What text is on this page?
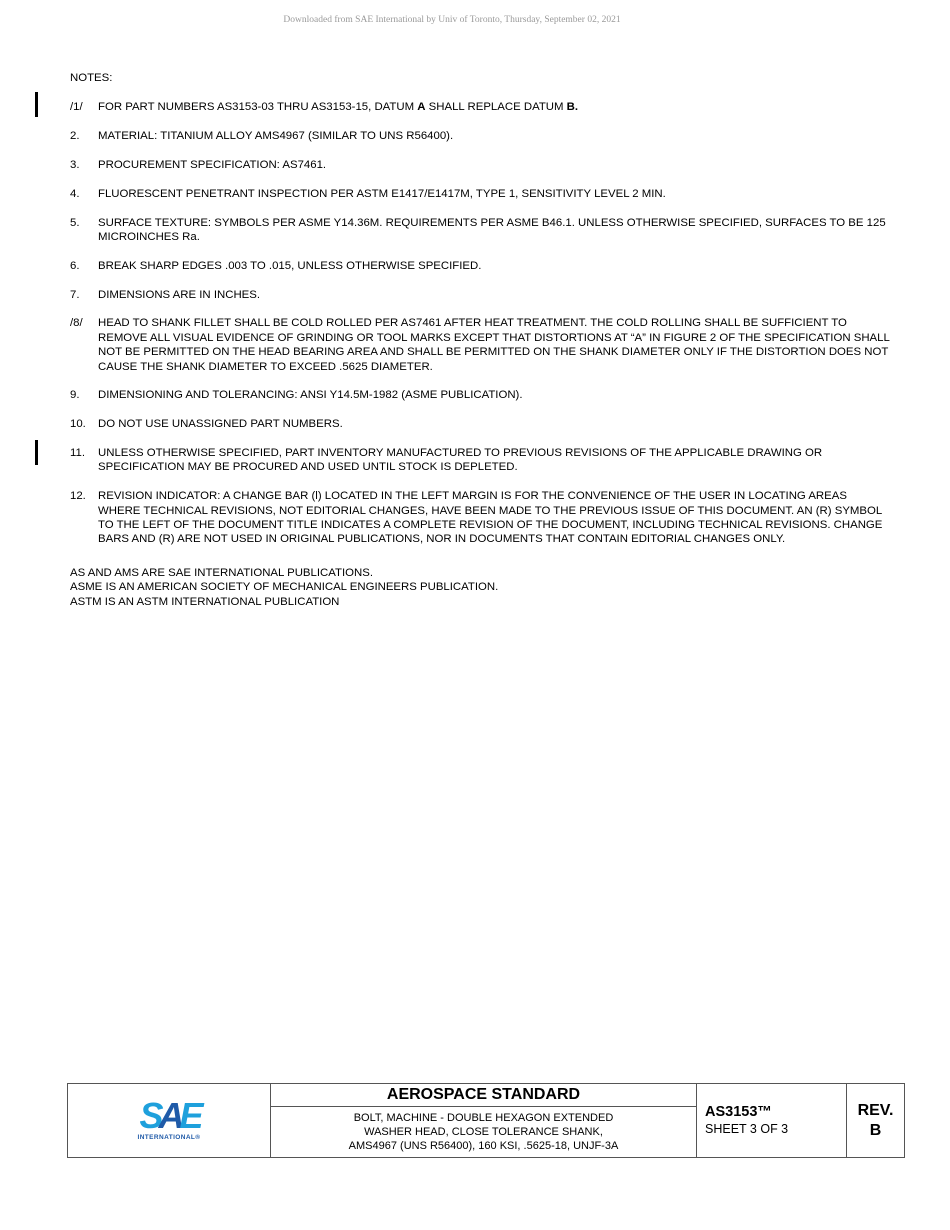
Downloaded from SAE International by Univ of Toronto, Thursday, September 02, 2021
NOTES:
/1/	FOR PART NUMBERS AS3153-03 THRU AS3153-15, DATUM A SHALL REPLACE DATUM B.
2.	MATERIAL: TITANIUM ALLOY AMS4967 (SIMILAR TO UNS R56400).
3.	PROCUREMENT SPECIFICATION: AS7461.
4.	FLUORESCENT PENETRANT INSPECTION PER ASTM E1417/E1417M, TYPE 1, SENSITIVITY LEVEL 2 MIN.
5.	SURFACE TEXTURE: SYMBOLS PER ASME Y14.36M. REQUIREMENTS PER ASME B46.1. UNLESS OTHERWISE SPECIFIED, SURFACES TO BE 125 MICROINCHES Ra.
6.	BREAK SHARP EDGES .003 TO .015, UNLESS OTHERWISE SPECIFIED.
7.	DIMENSIONS ARE IN INCHES.
/8/	HEAD TO SHANK FILLET SHALL BE COLD ROLLED PER AS7461 AFTER HEAT TREATMENT. THE COLD ROLLING SHALL BE SUFFICIENT TO REMOVE ALL VISUAL EVIDENCE OF GRINDING OR TOOL MARKS EXCEPT THAT DISTORTIONS AT “A” IN FIGURE 2 OF THE SPECIFICATION SHALL NOT BE PERMITTED ON THE HEAD BEARING AREA AND SHALL BE PERMITTED ON THE SHANK DIAMETER ONLY IF THE DISTORTION DOES NOT CAUSE THE SHANK DIAMETER TO EXCEED .5625 DIAMETER.
9.	DIMENSIONING AND TOLERANCING: ANSI Y14.5M-1982 (ASME PUBLICATION).
10.	DO NOT USE UNASSIGNED PART NUMBERS.
11.	UNLESS OTHERWISE SPECIFIED, PART INVENTORY MANUFACTURED TO PREVIOUS REVISIONS OF THE APPLICABLE DRAWING OR SPECIFICATION MAY BE PROCURED AND USED UNTIL STOCK IS DEPLETED.
12.	REVISION INDICATOR: A CHANGE BAR (l) LOCATED IN THE LEFT MARGIN IS FOR THE CONVENIENCE OF THE USER IN LOCATING AREAS WHERE TECHNICAL REVISIONS, NOT EDITORIAL CHANGES, HAVE BEEN MADE TO THE PREVIOUS ISSUE OF THIS DOCUMENT. AN (R) SYMBOL TO THE LEFT OF THE DOCUMENT TITLE INDICATES A COMPLETE REVISION OF THE DOCUMENT, INCLUDING TECHNICAL REVISIONS. CHANGE BARS AND (R) ARE NOT USED IN ORIGINAL PUBLICATIONS, NOR IN DOCUMENTS THAT CONTAIN EDITORIAL CHANGES ONLY.
AS AND AMS ARE SAE INTERNATIONAL PUBLICATIONS.
ASME IS AN AMERICAN SOCIETY OF MECHANICAL ENGINEERS PUBLICATION.
ASTM IS AN ASTM INTERNATIONAL PUBLICATION
S A E
INTERNATIONAL®
AEROSPACE STANDARD
BOLT, MACHINE - DOUBLE HEXAGON EXTENDED
WASHER HEAD, CLOSE TOLERANCE SHANK,
AMS4967 (UNS R56400), 160 KSI, .5625-18, UNJF-3A
AS3153™
SHEET 3 OF 3
REV.
B
